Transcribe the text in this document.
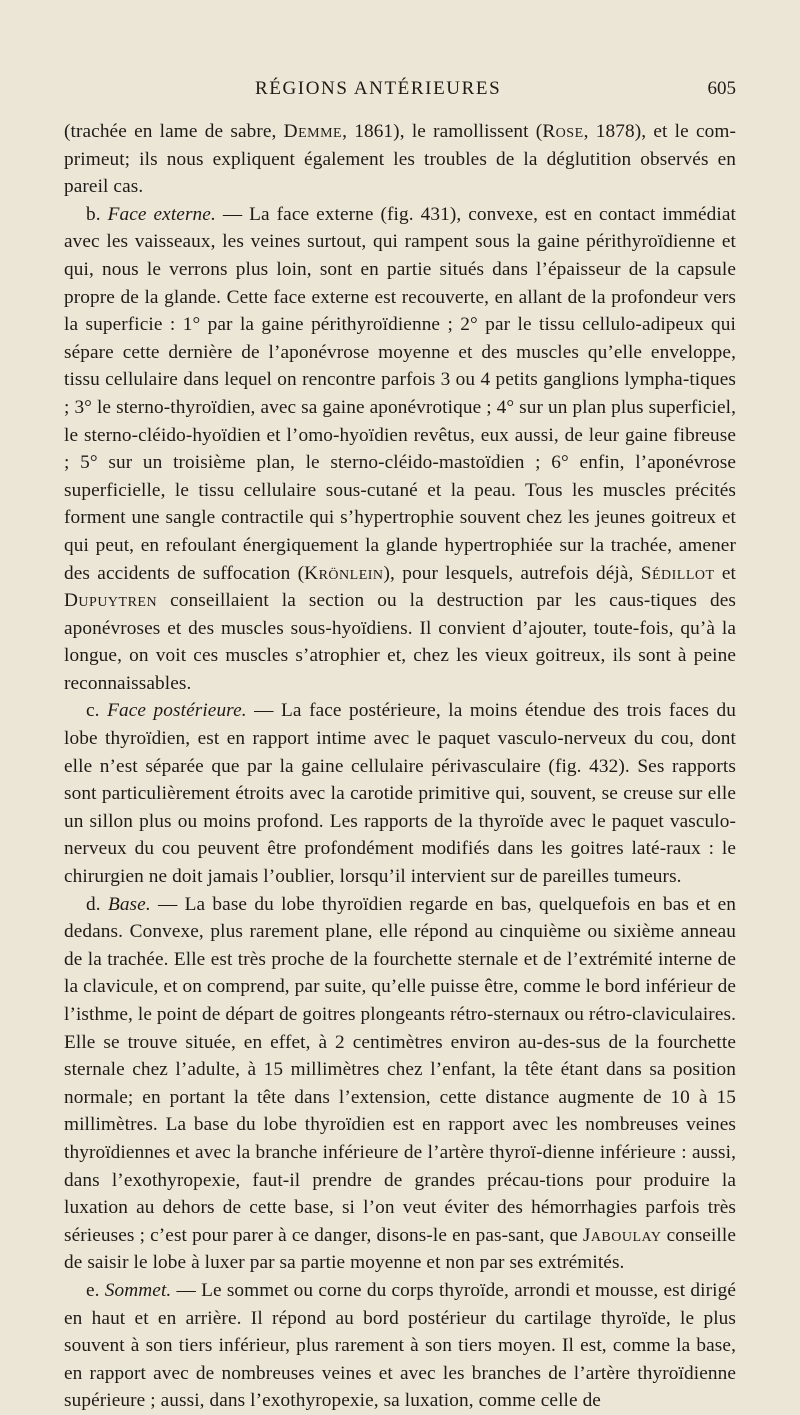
RÉGIONS ANTÉRIEURES	605

(trachée en lame de sabre, Demme, 1861), le ramollissent (Rose, 1878), et le com-primeut; ils nous expliquent également les troubles de la déglutition observés en pareil cas.

b. Face externe. — La face externe (fig. 431), convexe, est en contact immédiat avec les vaisseaux, les veines surtout, qui rampent sous la gaine périthyroïdienne et qui, nous le verrons plus loin, sont en partie situés dans l’épaisseur de la capsule propre de la glande. Cette face externe est recouverte, en allant de la profondeur vers la superficie : 1° par la gaine périthyroïdienne ; 2° par le tissu cellulo-adipeux qui sépare cette dernière de l’aponévrose moyenne et des muscles qu’elle enveloppe, tissu cellulaire dans lequel on rencontre parfois 3 ou 4 petits ganglions lympha-tiques ; 3° le sterno-thyroïdien, avec sa gaine aponévrotique ; 4° sur un plan plus superficiel, le sterno-cléido-hyoïdien et l’omo-hyoïdien revêtus, eux aussi, de leur gaine fibreuse ; 5° sur un troisième plan, le sterno-cléido-mastoïdien ; 6° enfin, l’aponévrose superficielle, le tissu cellulaire sous-cutané et la peau. Tous les muscles précités forment une sangle contractile qui s’hypertrophie souvent chez les jeunes goitreux et qui peut, en refoulant énergiquement la glande hypertrophiée sur la trachée, amener des accidents de suffocation (Krönlein), pour lesquels, autrefois déjà, Sédillot et Dupuytren conseillaient la section ou la destruction par les caus-tiques des aponévroses et des muscles sous-hyoïdiens. Il convient d’ajouter, toute-fois, qu’à la longue, on voit ces muscles s’atrophier et, chez les vieux goitreux, ils sont à peine reconnaissables.

c. Face postérieure. — La face postérieure, la moins étendue des trois faces du lobe thyroïdien, est en rapport intime avec le paquet vasculo-nerveux du cou, dont elle n’est séparée que par la gaine cellulaire périvasculaire (fig. 432). Ses rapports sont particulièrement étroits avec la carotide primitive qui, souvent, se creuse sur elle un sillon plus ou moins profond. Les rapports de la thyroïde avec le paquet vasculo-nerveux du cou peuvent être profondément modifiés dans les goitres laté-raux : le chirurgien ne doit jamais l’oublier, lorsqu’il intervient sur de pareilles tumeurs.

d. Base. — La base du lobe thyroïdien regarde en bas, quelquefois en bas et en dedans. Convexe, plus rarement plane, elle répond au cinquième ou sixième anneau de la trachée. Elle est très proche de la fourchette sternale et de l’extrémité interne de la clavicule, et on comprend, par suite, qu’elle puisse être, comme le bord inférieur de l’isthme, le point de départ de goitres plongeants rétro-sternaux ou rétro-claviculaires. Elle se trouve située, en effet, à 2 centimètres environ au-des-sus de la fourchette sternale chez l’adulte, à 15 millimètres chez l’enfant, la tête étant dans sa position normale; en portant la tête dans l’extension, cette distance augmente de 10 à 15 millimètres. La base du lobe thyroïdien est en rapport avec les nombreuses veines thyroïdiennes et avec la branche inférieure de l’artère thyroï-dienne inférieure : aussi, dans l’exothyropexie, faut-il prendre de grandes précau-tions pour produire la luxation au dehors de cette base, si l’on veut éviter des hémorrhagies parfois très sérieuses ; c’est pour parer à ce danger, disons-le en pas-sant, que Jaboulay conseille de saisir le lobe à luxer par sa partie moyenne et non par ses extrémités.

e. Sommet. — Le sommet ou corne du corps thyroïde, arrondi et mousse, est dirigé en haut et en arrière. Il répond au bord postérieur du cartilage thyroïde, le plus souvent à son tiers inférieur, plus rarement à son tiers moyen. Il est, comme la base, en rapport avec de nombreuses veines et avec les branches de l’artère thyroïdienne supérieure ; aussi, dans l’exothyropexie, sa luxation, comme celle de
